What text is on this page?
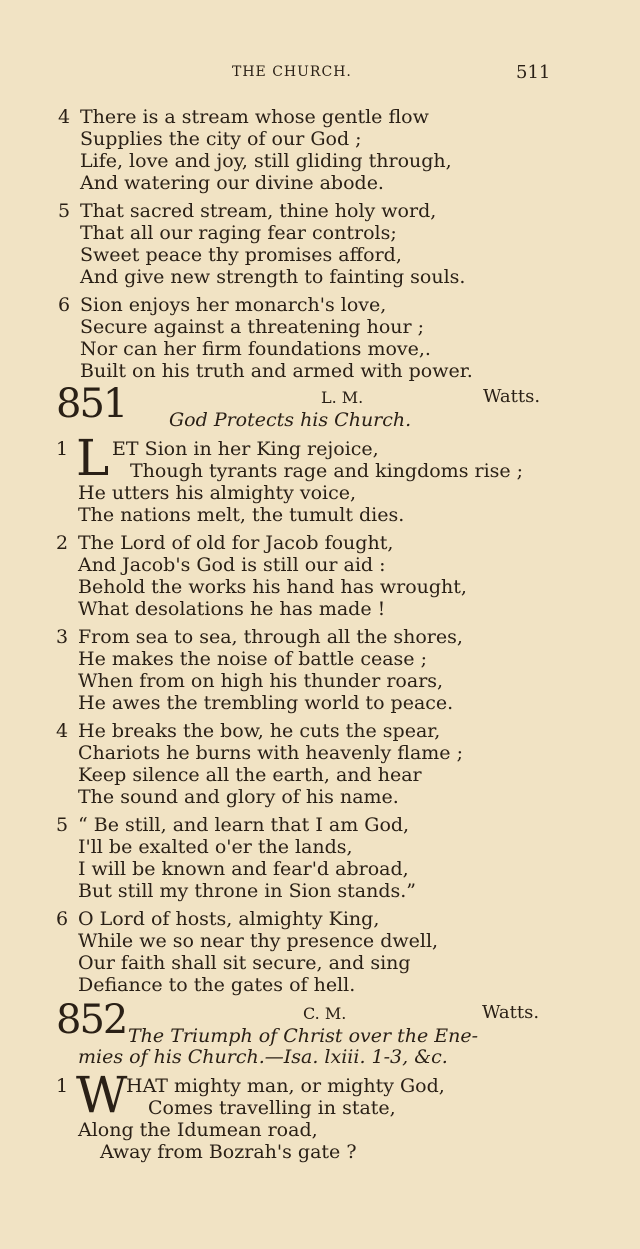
THE CHURCH.	511
4 There is a stream whose gentle flow
Supplies the city of our God ;
Life, love and joy, still gliding through,
And watering our divine abode.
5 That sacred stream, thine holy word,
That all our raging fear controls;
Sweet peace thy promises afford,
And give new strength to fainting souls.
6 Sion enjoys her monarch's love,
Secure against a threatening hour ;
Nor can her firm foundations move,.
Built on his truth and armed with power.
851	L. M.	Watts.
God Protects his Church.
1 L ET Sion in her King rejoice,
Though tyrants rage and kingdoms rise ;
He utters his almighty voice,
The nations melt, the tumult dies.
2 The Lord of old for Jacob fought,
And Jacob's God is still our aid :
Behold the works his hand has wrought,
What desolations he has made !
3 From sea to sea, through all the shores,
He makes the noise of battle cease ;
When from on high his thunder roars,
He awes the trembling world to peace.
4 He breaks the bow, he cuts the spear,
Chariots he burns with heavenly flame ;
Keep silence all the earth, and hear
The sound and glory of his name.
5 “ Be still, and learn that I am God,
I'll be exalted o'er the lands,
I will be known and fear'd abroad,
But still my throne in Sion stands.”
6 O Lord of hosts, almighty King,
While we so near thy presence dwell,
Our faith shall sit secure, and sing
Defiance to the gates of hell.
852	C. M.	Watts.
The Triumph of Christ over the Ene-
mies of his Church.—Isa. lxiii. 1-3, &c.
1 W
HAT mighty man, or mighty God,
Comes travelling in state,
Along the Idumean road,
Away from Bozrah's gate ?
